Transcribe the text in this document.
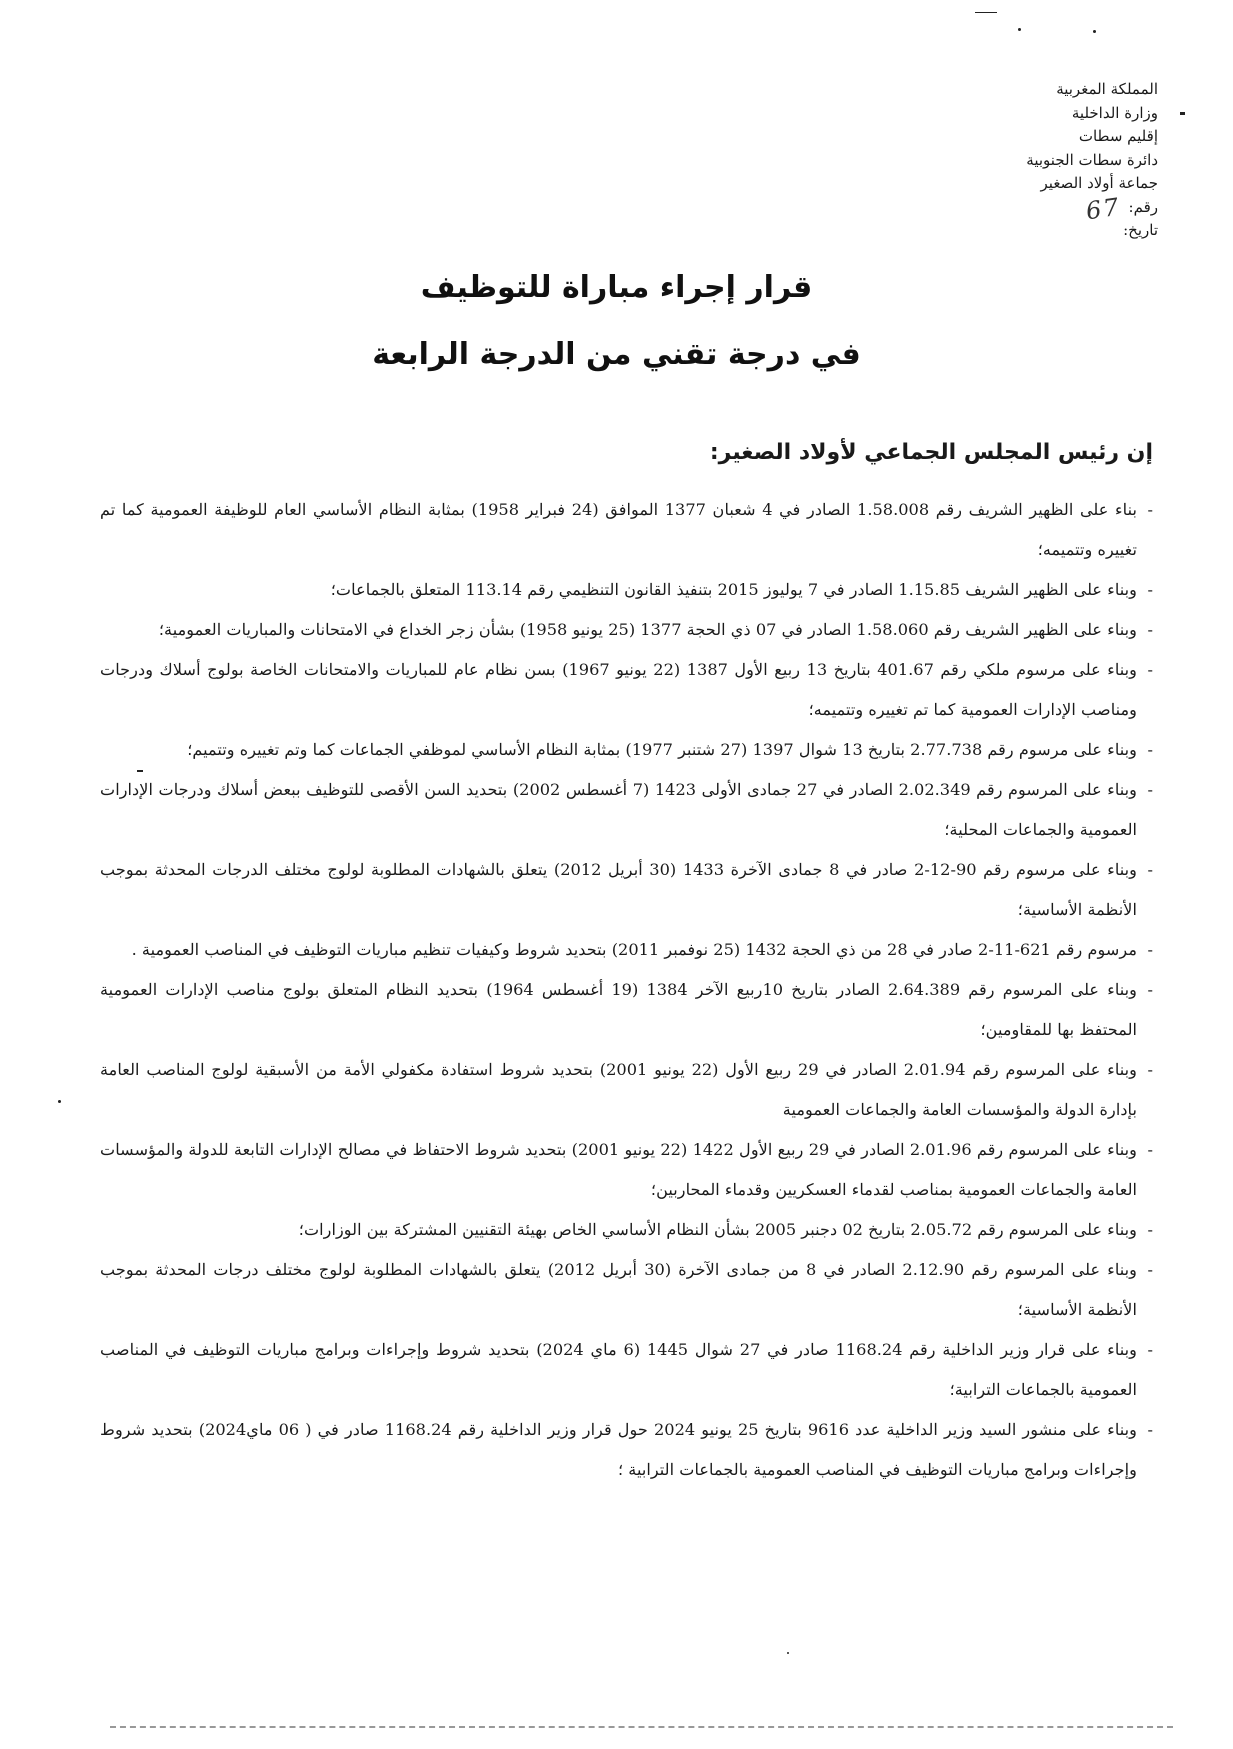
المملكة المغربية
وزارة الداخلية
إقليم سطات
دائرة سطات الجنوبية
جماعة أولاد الصغير
رقم:
67
تاريخ:
قرار إجراء مباراة للتوظيف
في درجة تقني من الدرجة الرابعة
إن رئيس المجلس الجماعي لأولاد الصغير:
-
بناء على الظهير الشريف رقم 1.58.008 الصادر في 4 شعبان 1377 الموافق (24 فبراير 1958) بمثابة النظام الأساسي العام للوظيفة العمومية كما تم تغييره وتتميمه؛
-
وبناء على الظهير الشريف 1.15.85 الصادر في 7 يوليوز 2015 بتنفيذ القانون التنظيمي رقم 113.14 المتعلق بالجماعات؛
-
وبناء على الظهير الشريف رقم 1.58.060 الصادر في 07 ذي الحجة 1377 (25 يونيو 1958) بشأن زجر الخداع في الامتحانات والمباريات العمومية؛
-
وبناء على مرسوم ملكي رقم 401.67 بتاريخ 13 ربيع الأول 1387 (22 يونيو 1967) بسن نظام عام للمباريات والامتحانات الخاصة بولوج أسلاك ودرجات ومناصب الإدارات العمومية كما تم تغييره وتتميمه؛
-
وبناء على مرسوم رقم 2.77.738 بتاريخ 13 شوال 1397 (27 شتنبر 1977) بمثابة النظام الأساسي لموظفي الجماعات كما وتم تغييره وتتميم؛
-
وبناء على المرسوم رقم 2.02.349 الصادر في 27 جمادى الأولى 1423 (7 أغسطس 2002) بتحديد السن الأقصى للتوظيف ببعض أسلاك ودرجات الإدارات العمومية والجماعات المحلية؛
-
وبناء على مرسوم رقم 90-12-2 صادر في 8 جمادى الآخرة 1433 (30 أبريل 2012) يتعلق بالشهادات المطلوبة لولوج مختلف الدرجات المحدثة بموجب الأنظمة الأساسية؛
-
مرسوم رقم 621-11-2 صادر في 28 من ذي الحجة 1432 (25 نوفمبر 2011) بتحديد شروط وكيفيات تنظيم مباريات التوظيف في المناصب العمومية .
-
وبناء على المرسوم رقم 2.64.389 الصادر بتاريخ 10ربيع الآخر 1384 (19 أغسطس 1964) بتحديد النظام المتعلق بولوج مناصب الإدارات العمومية المحتفظ بها للمقاومين؛
-
وبناء على المرسوم رقم 2.01.94 الصادر في 29 ربيع الأول (22 يونيو 2001) بتحديد شروط استفادة مكفولي الأمة من الأسبقية لولوج المناصب العامة بإدارة الدولة والمؤسسات العامة والجماعات العمومية
-
وبناء على المرسوم رقم 2.01.96 الصادر في 29 ربيع الأول 1422 (22 يونيو 2001) بتحديد شروط الاحتفاظ في مصالح الإدارات التابعة للدولة والمؤسسات العامة والجماعات العمومية بمناصب لقدماء العسكريين وقدماء المحاربين؛
-
وبناء على المرسوم رقم 2.05.72 بتاريخ 02 دجنبر 2005 بشأن النظام الأساسي الخاص بهيئة التقنيين المشتركة بين الوزارات؛
-
وبناء على المرسوم رقم 2.12.90 الصادر في 8 من جمادى الآخرة (30 أبريل 2012) يتعلق بالشهادات المطلوبة لولوج مختلف درجات المحدثة بموجب الأنظمة الأساسية؛
-
وبناء على قرار وزير الداخلية رقم 1168.24 صادر في 27 شوال 1445 (6 ماي 2024) بتحديد شروط وإجراءات وبرامج مباريات التوظيف في المناصب العمومية بالجماعات الترابية؛
-
وبناء على منشور السيد وزير الداخلية عدد 9616 بتاريخ 25 يونيو 2024 حول قرار وزير الداخلية رقم 1168.24 صادر في ( 06 ماي2024) بتحديد شروط وإجراءات وبرامج مباريات التوظيف في المناصب العمومية بالجماعات الترابية ؛
